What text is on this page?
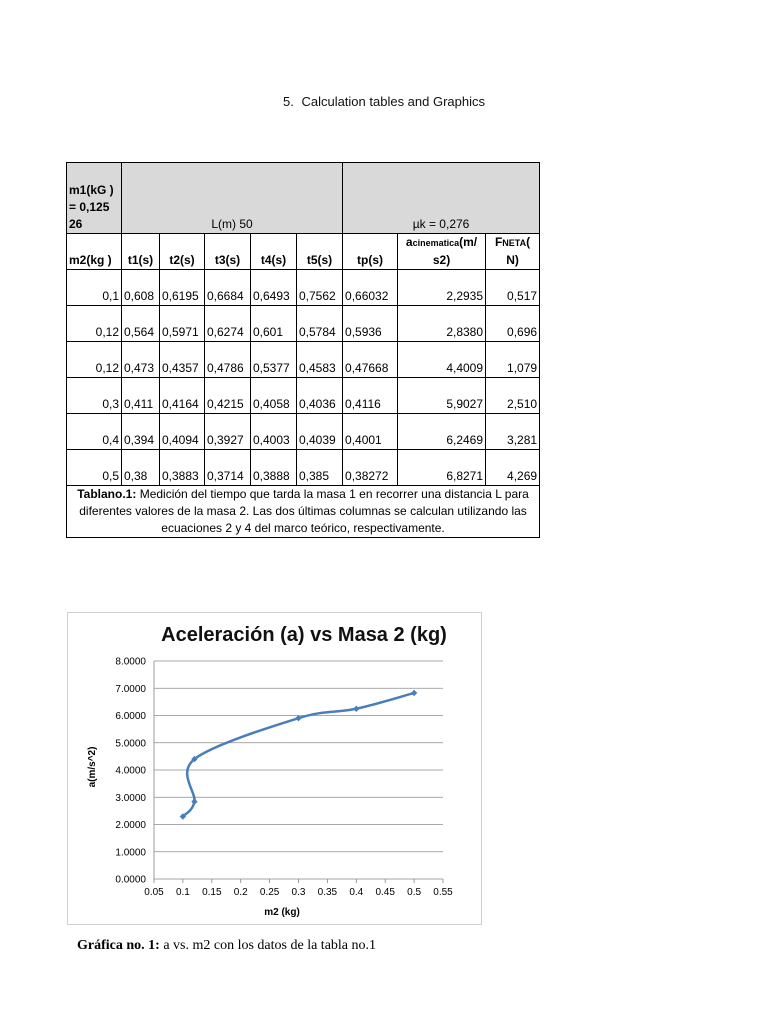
5. Calculation tables and Graphics
m1(kG ) = 0,125 26	L(m) 50					µk = 0,276		
m2(kg )	t1(s)	t2(s)	t3(s)	t4(s)	t5(s)	tp(s)	acinematica(m/ s2)	FNETA( N)
0,1	0,608	0,6195	0,6684	0,6493	0,7562	0,66032	2,2935	0,517
0,12	0,564	0,5971	0,6274	0,601	0,5784	0,5936	2,8380	0,696
0,12	0,473	0,4357	0,4786	0,5377	0,4583	0,47668	4,4009	1,079
0,3	0,411	0,4164	0,4215	0,4058	0,4036	0,4116	5,9027	2,510
0,4	0,394	0,4094	0,3927	0,4003	0,4039	0,4001	6,2469	3,281
0,5	0,38	0,3883	0,3714	0,3888	0,385	0,38272	6,8271	4,269
Tablano.1: Medición del tiempo que tarda la masa 1 en recorrer una distancia L para diferentes valores de la masa 2. Las dos últimas columnas se calculan utilizando las ecuaciones 2 y 4 del marco teórico, respectivamente.								
Aceleración (a) vs Masa 2 (kg)
0.0000
1.0000
2.0000
3.0000
4.0000
5.0000
6.0000
7.0000
8.0000
0.05 0.1 0.15 0.2 0.25 0.3 0.35 0.4 0.45 0.5 0.55
a(m/s^2)
m2 (kg)
Gráfica no. 1: a vs. m2 con los datos de la tabla no.1
